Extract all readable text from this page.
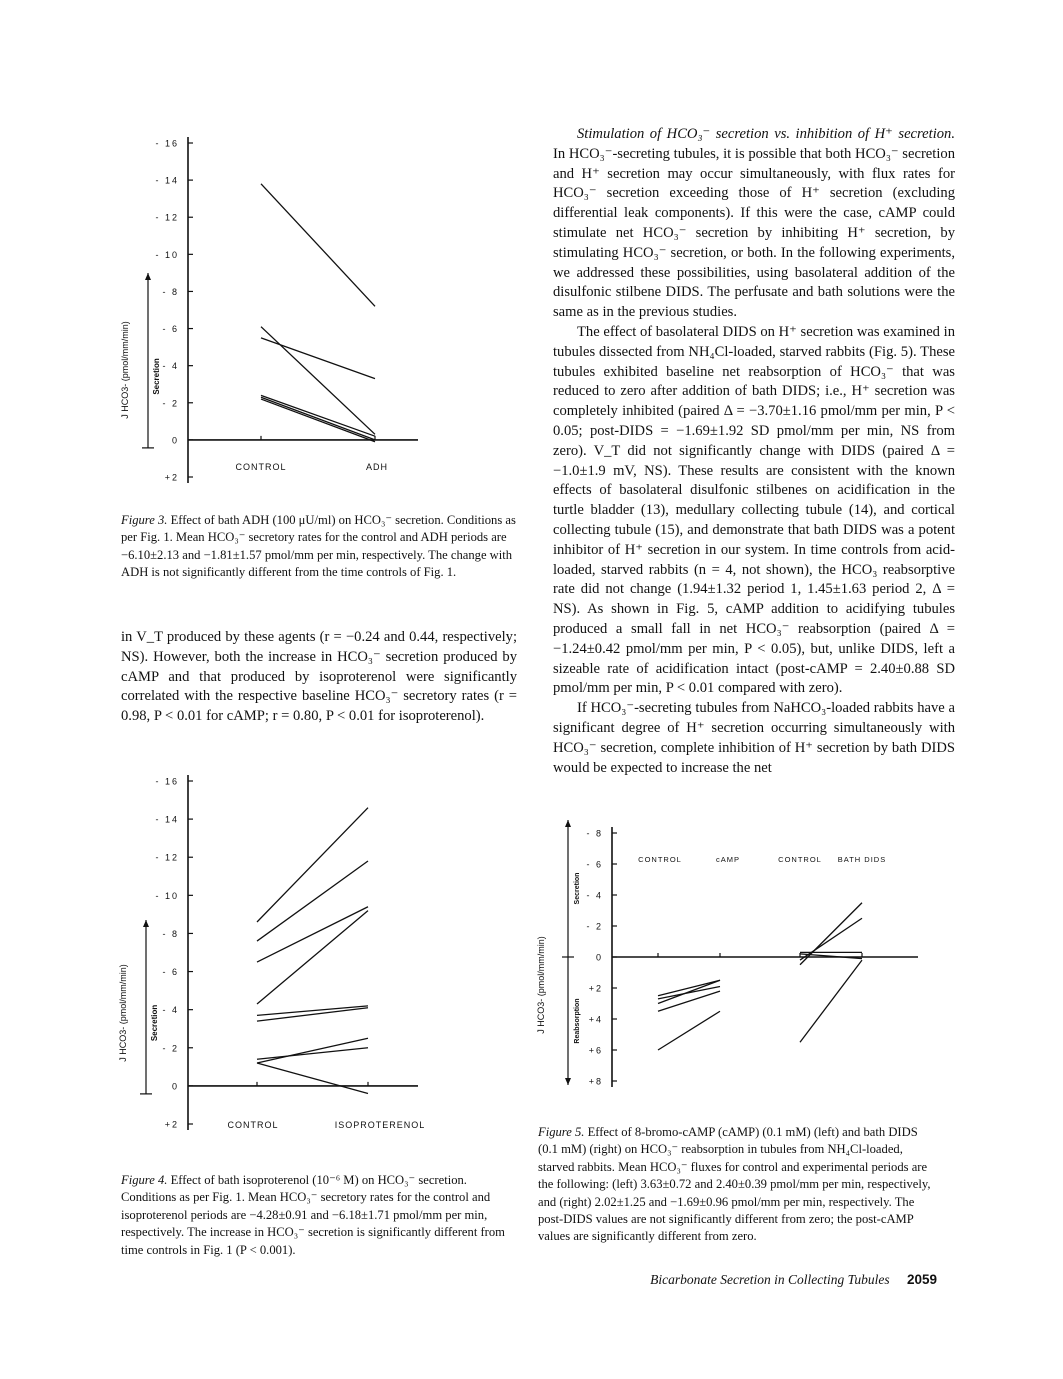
- 16
- 14
- 12
- 10
- 8
- 6
- 4
- 2
0
+2
CONTROL	ADH
J HCO3- (pmol/mm/min)	Secretion
- 16
- 14
- 12
- 10
- 8
- 6
- 4
- 2
0
+2	CONTROL	ISOPROTERENOL
J HCO3- (pmol/mm/min)	Secretion
- 8
- 6
- 4
- 2
0
+2
+4
+6
+8
CONTROL	cAMP	CONTROL BATH DIDS
J HCO3- (pmol/mm/min)
Secretion
Reabsorption
Figure 3. Effect of bath ADH (100 μU/ml) on HCO₃⁻ secretion. Conditions as per Fig. 1. Mean HCO₃⁻ secretory rates for the control and ADH periods are −6.10±2.13 and −1.81±1.57 pmol/mm per min, respectively. The change with ADH is not significantly different from the time controls of Fig. 1.
Figure 4. Effect of bath isoproterenol (10⁻⁶ M) on HCO₃⁻ secretion. Conditions as per Fig. 1. Mean HCO₃⁻ secretory rates for the control and isoproterenol periods are −4.28±0.91 and −6.18±1.71 pmol/mm per min, respectively. The increase in HCO₃⁻ secretion is significantly different from time controls in Fig. 1 (P < 0.001).
Figure 5. Effect of 8-bromo-cAMP (cAMP) (0.1 mM) (left) and bath DIDS (0.1 mM) (right) on HCO₃⁻ reabsorption in tubules from NH₄Cl-loaded, starved rabbits. Mean HCO₃⁻ fluxes for control and experimental periods are the following: (left) 3.63±0.72 and 2.40±0.39 pmol/mm per min, respectively, and (right) 2.02±1.25 and −1.69±0.96 pmol/mm per min, respectively. The post-DIDS values are not significantly different from zero; the post-cAMP values are significantly different from zero.

in V_T produced by these agents (r = −0.24 and 0.44, respectively; NS). However, both the increase in HCO₃⁻ secretion produced by cAMP and that produced by isoproterenol were significantly correlated with the respective baseline HCO₃⁻ secretory rates (r = 0.98, P < 0.01 for cAMP; r = 0.80, P < 0.01 for isoproterenol).

Stimulation of HCO₃⁻ secretion vs. inhibition of H⁺ secretion. In HCO₃⁻-secreting tubules, it is possible that both HCO₃⁻ secretion and H⁺ secretion may occur simultaneously, with flux rates for HCO₃⁻ secretion exceeding those of H⁺ secretion (excluding differential leak components). If this were the case, cAMP could stimulate net HCO₃⁻ secretion by inhibiting H⁺ secretion, by stimulating HCO₃⁻ secretion, or both. In the following experiments, we addressed these possibilities, using basolateral addition of the disulfonic stilbene DIDS. The perfusate and bath solutions were the same as in the previous studies.

The effect of basolateral DIDS on H⁺ secretion was examined in tubules dissected from NH₄Cl-loaded, starved rabbits (Fig. 5). These tubules exhibited baseline net reabsorption of HCO₃⁻ that was reduced to zero after addition of bath DIDS; i.e., H⁺ secretion was completely inhibited (paired Δ = −3.70±1.16 pmol/mm per min, P < 0.05; post-DIDS = −1.69±1.92 SD pmol/mm per min, NS from zero). V_T did not significantly change with DIDS (paired Δ = −1.0±1.9 mV, NS). These results are consistent with the known effects of basolateral disulfonic stilbenes on acidification in the turtle bladder (13), medullary collecting tubule (14), and cortical collecting tubule (15), and demonstrate that bath DIDS was a potent inhibitor of H⁺ secretion in our system. In time controls from acid-loaded, starved rabbits (n = 4, not shown), the HCO₃ reabsorptive rate did not change (1.94±1.32 period 1, 1.45±1.63 period 2, Δ = NS). As shown in Fig. 5, cAMP addition to acidifying tubules produced a small fall in net HCO₃⁻ reabsorption (paired Δ = −1.24±0.42 pmol/mm per min, P < 0.05), but, unlike DIDS, left a sizeable rate of acidification intact (post-cAMP = 2.40±0.88 SD pmol/mm per min, P < 0.01 compared with zero).

If HCO₃⁻-secreting tubules from NaHCO₃-loaded rabbits have a significant degree of H⁺ secretion occurring simultaneously with HCO₃⁻ secretion, complete inhibition of H⁺ secretion by bath DIDS would be expected to increase the net

Bicarbonate Secretion in Collecting Tubules 2059
